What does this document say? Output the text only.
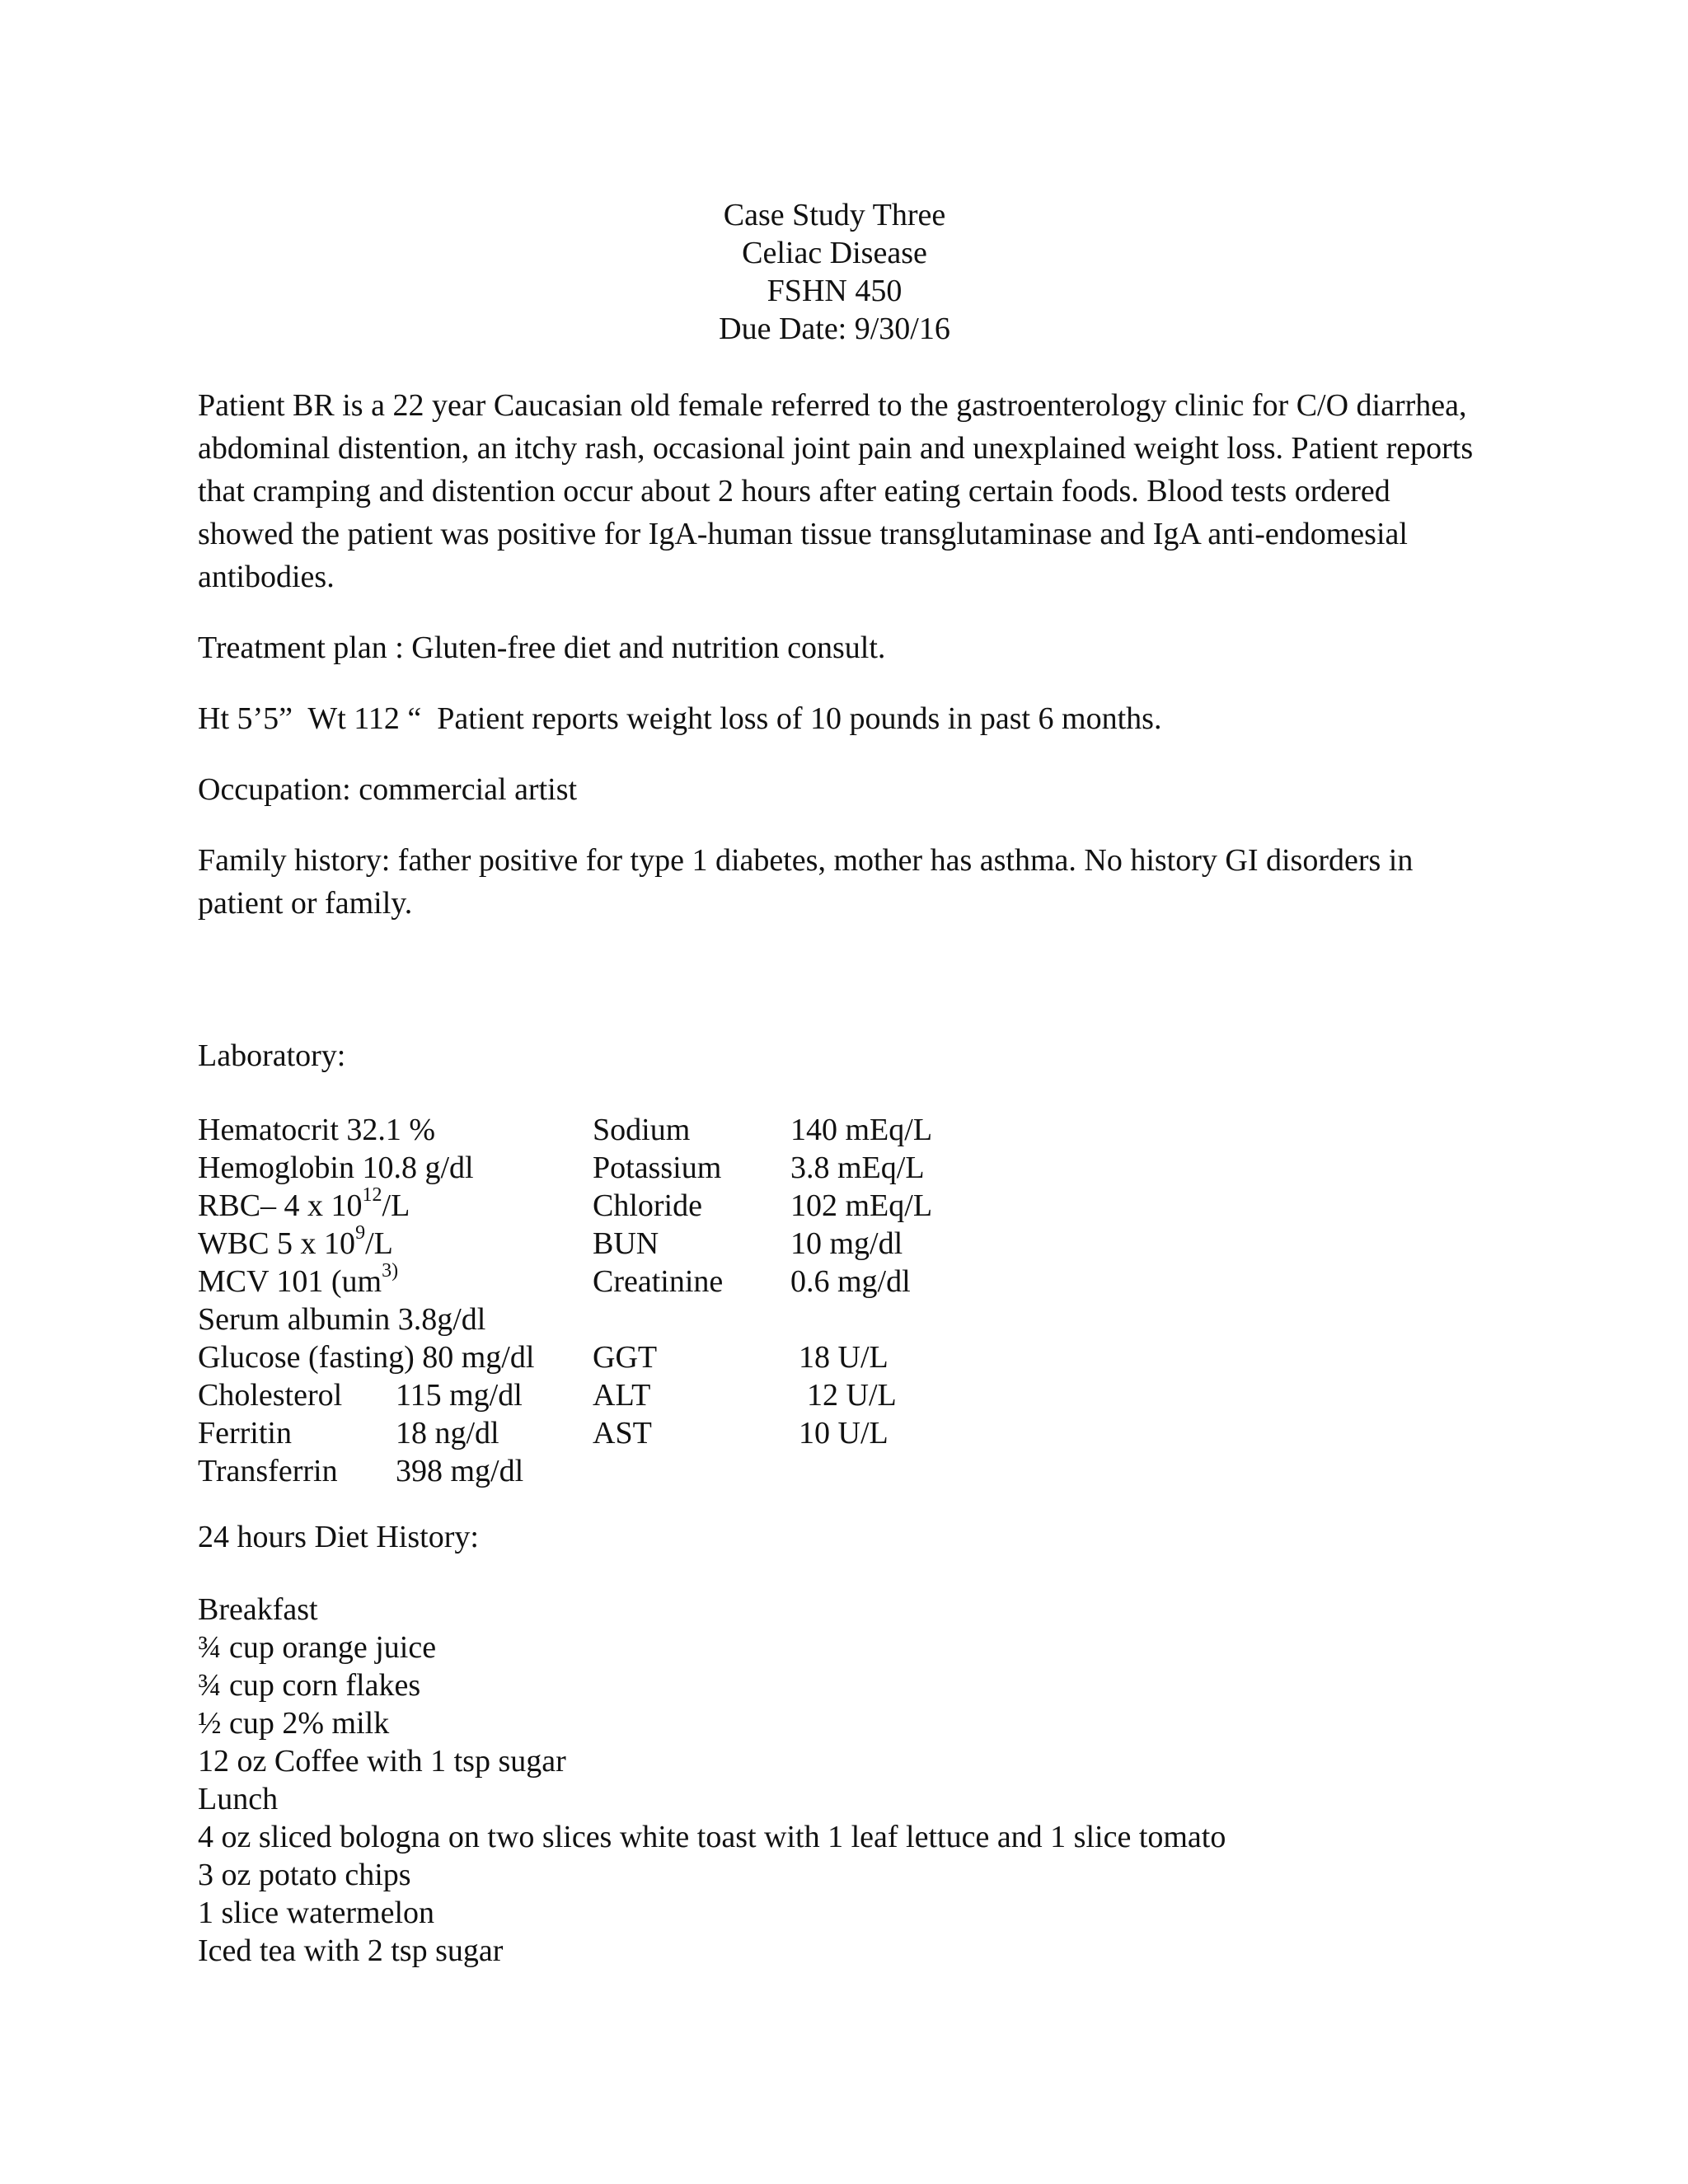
Case Study Three
Celiac Disease
FSHN 450
Due Date: 9/30/16

Patient BR is a 22 year Caucasian old female referred to the gastroenterology clinic for C/O diarrhea, abdominal distention, an itchy rash, occasional joint pain and unexplained weight loss. Patient reports that cramping and distention occur about 2 hours after eating certain foods. Blood tests ordered showed the patient was positive for IgA-human tissue transglutaminase and IgA anti-endomesial antibodies.

Treatment plan : Gluten-free diet and nutrition consult.

Ht 5’5”  Wt 112 “  Patient reports weight loss of 10 pounds in past 6 months.

Occupation: commercial artist

Family history: father positive for type 1 diabetes, mother has asthma. No history GI disorders in patient or family.

Laboratory:

Hematocrit 32.1 %	Sodium	140 mEq/L
Hemoglobin 10.8 g/dl	Potassium 3.8 mEq/L
RBC– 4 x $10^{12}/L$	Chloride	102 mEq/L
WBC 5 x $10^9/L$	BUN	10 mg/dl
MCV 101 ($um^{3)}$	Creatinine 0.6 mg/dl
Serum albumin 3.8g/dl
Glucose (fasting) 80 mg/dl GGT	18 U/L
Cholesterol 115 mg/dl ALT	12 U/L
Ferritin	18 ng/dl	AST	10 U/L
Transferrin 398 mg/dl

24 hours Diet History:

Breakfast

¾ cup orange juice

¾ cup corn flakes

½ cup 2% milk

12 oz Coffee with 1 tsp sugar

Lunch

4 oz sliced bologna on two slices white toast with 1 leaf lettuce and 1 slice tomato

3 oz potato chips

1 slice watermelon

Iced tea with 2 tsp sugar
